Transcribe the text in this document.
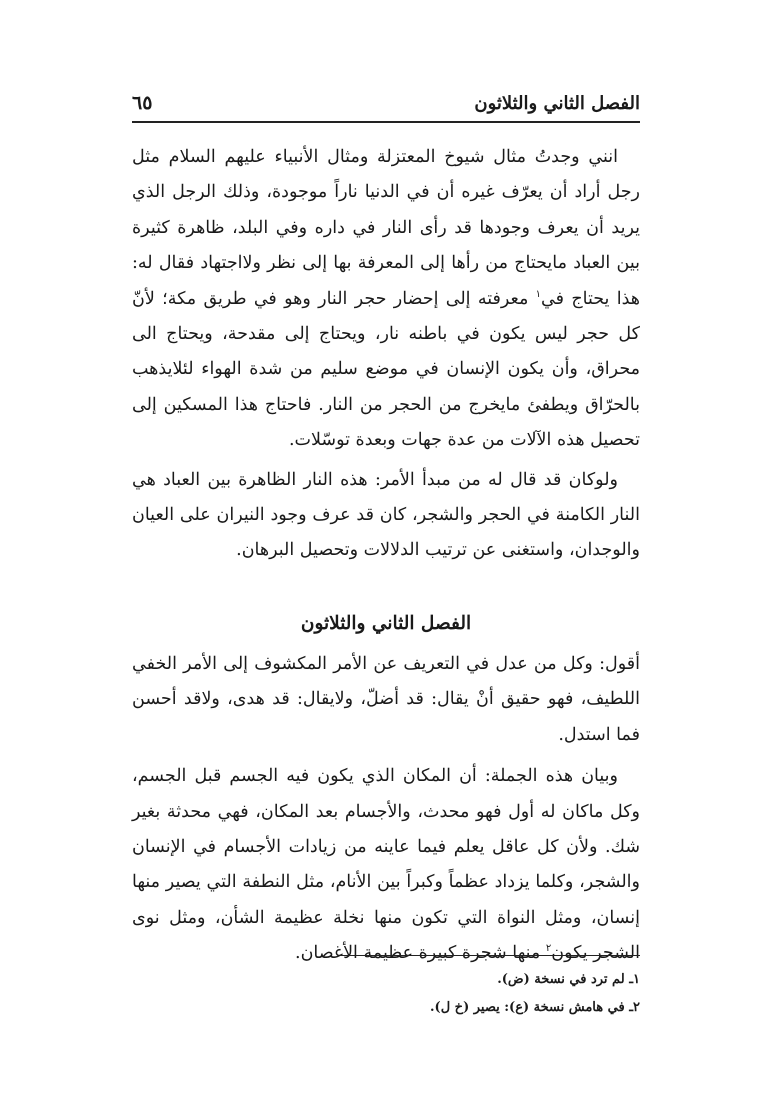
الفصل الثاني والثلاثون
٦٥

انني وجدتُ مثال شيوخ المعتزلة ومثال الأنبياء عليهم السلام مثل رجل أراد أن يعرّف غيره أن في الدنيا ناراً موجودة، وذلك الرجل الذي يريد أن يعرف وجودها قد رأى النار في داره وفي البلد، ظاهرة كثيرة بين العباد مايحتاج من رأها إلى المعرفة بها إلى نظر ولااجتهاد فقال له: هذا يحتاج في$^١$ معرفته إلى إحضار حجر النار وهو في طريق مكة؛ لأنّ كل حجر ليس يكون في باطنه نار، ويحتاج إلى مقدحة، ويحتاج الى محراق، وأن يكون الإنسان في موضع سليم من شدة الهواء لئلايذهب بالحرّاق ويطفئ مايخرج من الحجر من النار. فاحتاج هذا المسكين إلى تحصيل هذه الآلات من عدة جهات وبعدة توسّلات.

ولوكان قد قال له من مبدأ الأمر: هذه النار الظاهرة بين العباد هي النار الكامنة في الحجر والشجر، كان قد عرف وجود النيران على العيان والوجدان، واستغنى عن ترتيب الدلالات وتحصيل البرهان.

الفصل الثاني والثلاثون

أقول: وكل من عدل في التعريف عن الأمر المكشوف إلى الأمر الخفي اللطيف، فهو حقيق أنْ يقال: قد أضلّ، ولايقال: قد هدى، ولاقد أحسن فما استدل.

وبيان هذه الجملة: أن المكان الذي يكون فيه الجسم قبل الجسم، وكل ماكان له أول فهو محدث، والأجسام بعد المكان، فهي محدثة بغير شك. ولأن كل عاقل يعلم فيما عاينه من زيادات الأجسام في الإنسان والشجر، وكلما يزداد عظماً وكبراً بين الأنام، مثل النطفة التي يصير منها إنسان، ومثل النواة التي تكون منها نخلة عظيمة الشأن، ومثل نوى الشجر يكون$^٢$ منها شجرة كبيرة عظيمة الأغصان.

١ـ لم ترد في نسخة (ض).
٢ـ في هامش نسخة (ع): يصير (خ ل).
